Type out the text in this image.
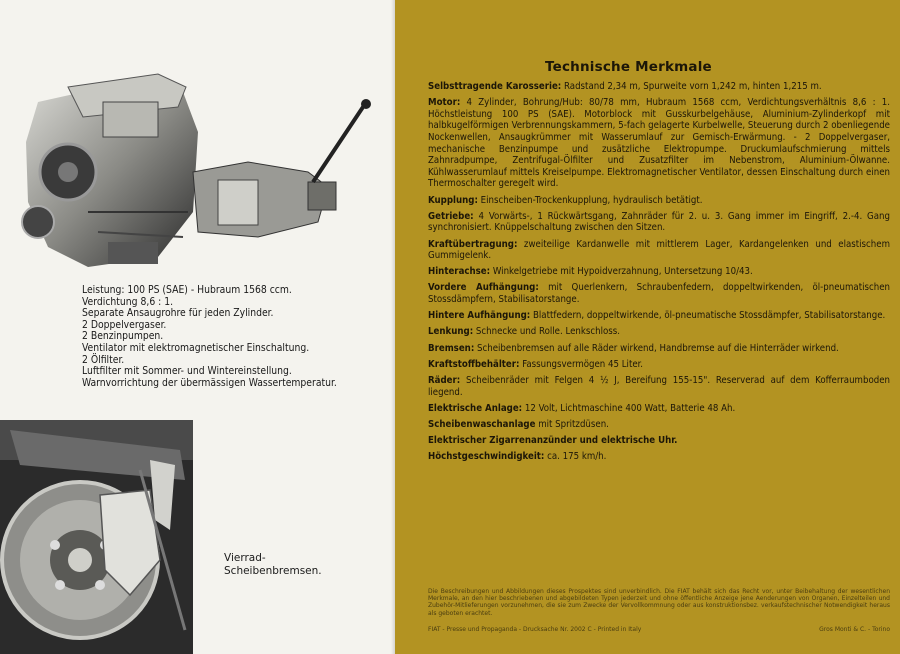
Leistung: 100 PS (SAE) - Hubraum 1568 ccm.
Verdichtung 8,6 : 1.
Separate Ansaugrohre für jeden Zylinder.
2 Doppelvergaser.
2 Benzinpumpen.
Ventilator mit elektromagnetischer Einschaltung.
2 Ölfilter.
Luftfilter mit Sommer- und Wintereinstellung.
Warnvorrichtung der übermässigen Wassertemperatur.
Vierrad-
Scheibenbremsen.
Technische Merkmale
Selbsttragende Karosserie: Radstand 2,34 m, Spurweite vorn 1,242 m, hinten 1,215 m.
Motor: 4 Zylinder, Bohrung/Hub: 80/78 mm, Hubraum 1568 ccm, Verdichtungsverhältnis 8,6 : 1. Höchstleistung 100 PS (SAE). Motorblock mit Gusskurbelgehäuse, Aluminium-Zylinderkopf mit halbkugelförmigen Verbrennungskammern, 5-fach gelagerte Kurbelwelle, Steuerung durch 2 obenliegende Nockenwellen, Ansaugkrümmer mit Wasserumlauf zur Gemisch-Erwärmung. - 2 Doppelvergaser, mechanische Benzinpumpe und zusätzliche Elektropumpe. Druckumlaufschmierung mittels Zahnradpumpe, Zentrifugal-Ölfilter und Zusatzfilter im Nebenstrom, Aluminium-Ölwanne. Kühlwasserumlauf mittels Kreiselpumpe. Elektromagnetischer Ventilator, dessen Einschaltung durch einen Thermoschalter geregelt wird.
Kupplung: Einscheiben-Trockenkupplung, hydraulisch betätigt.
Getriebe: 4 Vorwärts-, 1 Rückwärtsgang, Zahnräder für 2. u. 3. Gang immer im Eingriff, 2.-4. Gang synchronisiert. Knüppelschaltung zwischen den Sitzen.
Kraftübertragung: zweiteilige Kardanwelle mit mittlerem Lager, Kardangelenken und elastischem Gummigelenk.
Hinterachse: Winkelgetriebe mit Hypoidverzahnung, Untersetzung 10/43.
Vordere Aufhängung: mit Querlenkern, Schraubenfedern, doppeltwirkenden, öl-pneumatischen Stossdämpfern, Stabilisatorstange.
Hintere Aufhängung: Blattfedern, doppeltwirkende, öl-pneumatische Stossdämpfer, Stabilisatorstange.
Lenkung: Schnecke und Rolle. Lenkschloss.
Bremsen: Scheibenbremsen auf alle Räder wirkend, Handbremse auf die Hinterräder wirkend.
Kraftstoffbehälter: Fassungsvermögen 45 Liter.
Räder: Scheibenräder mit Felgen 4 ½ J, Bereifung 155-15". Reserverad auf dem Kofferraumboden liegend.
Elektrische Anlage: 12 Volt, Lichtmaschine 400 Watt, Batterie 48 Ah.
Scheibenwaschanlage mit Spritzdüsen.
Elektrischer Zigarrenanzünder und elektrische Uhr.
Höchstgeschwindigkeit: ca. 175 km/h.
Die Beschreibungen und Abbildungen dieses Prospektes sind unverbindlich. Die FIAT behält sich das Recht vor, unter Beibehaltung der wesentlichen Merkmale, an den hier beschriebenen und abgebildeten Typen jederzeit und ohne öffentliche Anzeige jene Aenderungen von Organen, Einzelteilen und Zubehör-Mitlieferungen vorzunehmen, die sie zum Zwecke der Vervollkommnung oder aus konstruktionsbez. verkaufstechnischer Notwendigkeit heraus als geboten erachtet.
FIAT - Presse und Propaganda - Drucksache Nr. 2002 C - Printed in Italy	Gros Monti & C. - Torino
